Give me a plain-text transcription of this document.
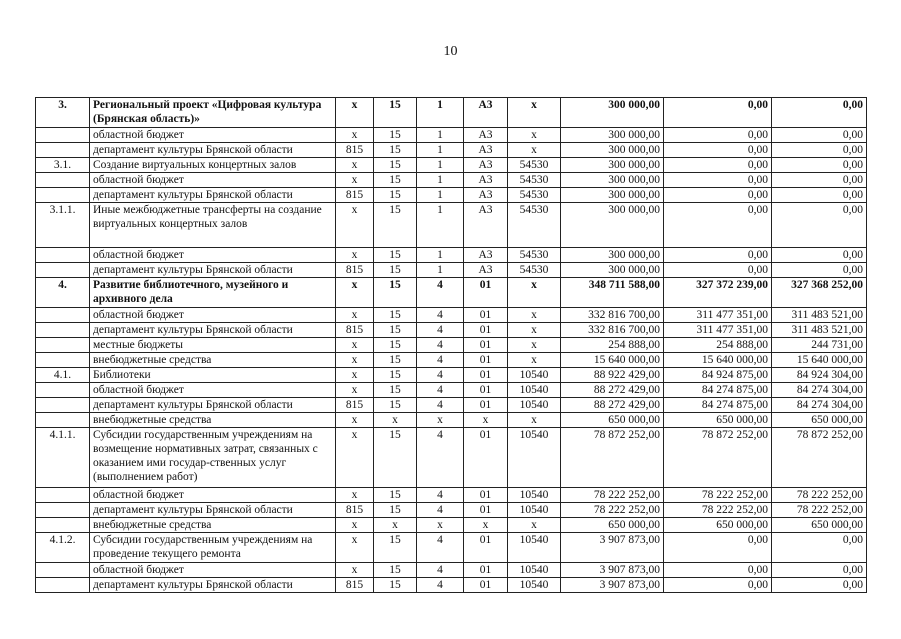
10
3.	Региональный проект «Цифровая культура (Брянская область)»	х	15	1	А3	х	300 000,00	0,00	0,00
	областной бюджет	х	15	1	А3	х	300 000,00	0,00	0,00
	департамент культуры Брянской области	815	15	1	А3	х	300 000,00	0,00	0,00
3.1.	Создание виртуальных концертных залов	х	15	1	А3	54530	300 000,00	0,00	0,00
	областной бюджет	х	15	1	А3	54530	300 000,00	0,00	0,00
	департамент культуры Брянской области	815	15	1	А3	54530	300 000,00	0,00	0,00
3.1.1.	Иные межбюджетные трансферты на создание виртуальных концертных залов	х	15	1	А3	54530	300 000,00	0,00	0,00
	областной бюджет	х	15	1	А3	54530	300 000,00	0,00	0,00
	департамент культуры Брянской области	815	15	1	А3	54530	300 000,00	0,00	0,00
4.	Развитие библиотечного, музейного и архивного дела	х	15	4	01	х	348 711 588,00	327 372 239,00	327 368 252,00
	областной бюджет	х	15	4	01	х	332 816 700,00	311 477 351,00	311 483 521,00
	департамент культуры Брянской области	815	15	4	01	х	332 816 700,00	311 477 351,00	311 483 521,00
	местные бюджеты	х	15	4	01	х	254 888,00	254 888,00	244 731,00
	внебюджетные средства	х	15	4	01	х	15 640 000,00	15 640 000,00	15 640 000,00
4.1.	Библиотеки	х	15	4	01	10540	88 922 429,00	84 924 875,00	84 924 304,00
	областной бюджет	х	15	4	01	10540	88 272 429,00	84 274 875,00	84 274 304,00
	департамент культуры Брянской области	815	15	4	01	10540	88 272 429,00	84 274 875,00	84 274 304,00
	внебюджетные средства	х	х	х	х	х	650 000,00	650 000,00	650 000,00
4.1.1.	Субсидии государственным учреждениям на возмещение нормативных затрат, связанных с оказанием ими государ-ственных услуг (выполнением работ)	х	15	4	01	10540	78 872 252,00	78 872 252,00	78 872 252,00
	областной бюджет	х	15	4	01	10540	78 222 252,00	78 222 252,00	78 222 252,00
	департамент культуры Брянской области	815	15	4	01	10540	78 222 252,00	78 222 252,00	78 222 252,00
	внебюджетные средства	х	х	х	х	х	650 000,00	650 000,00	650 000,00
4.1.2.	Субсидии государственным учреждениям на проведение текущего ремонта	х	15	4	01	10540	3 907 873,00	0,00	0,00
	областной бюджет	х	15	4	01	10540	3 907 873,00	0,00	0,00
	департамент культуры Брянской области	815	15	4	01	10540	3 907 873,00	0,00	0,00
